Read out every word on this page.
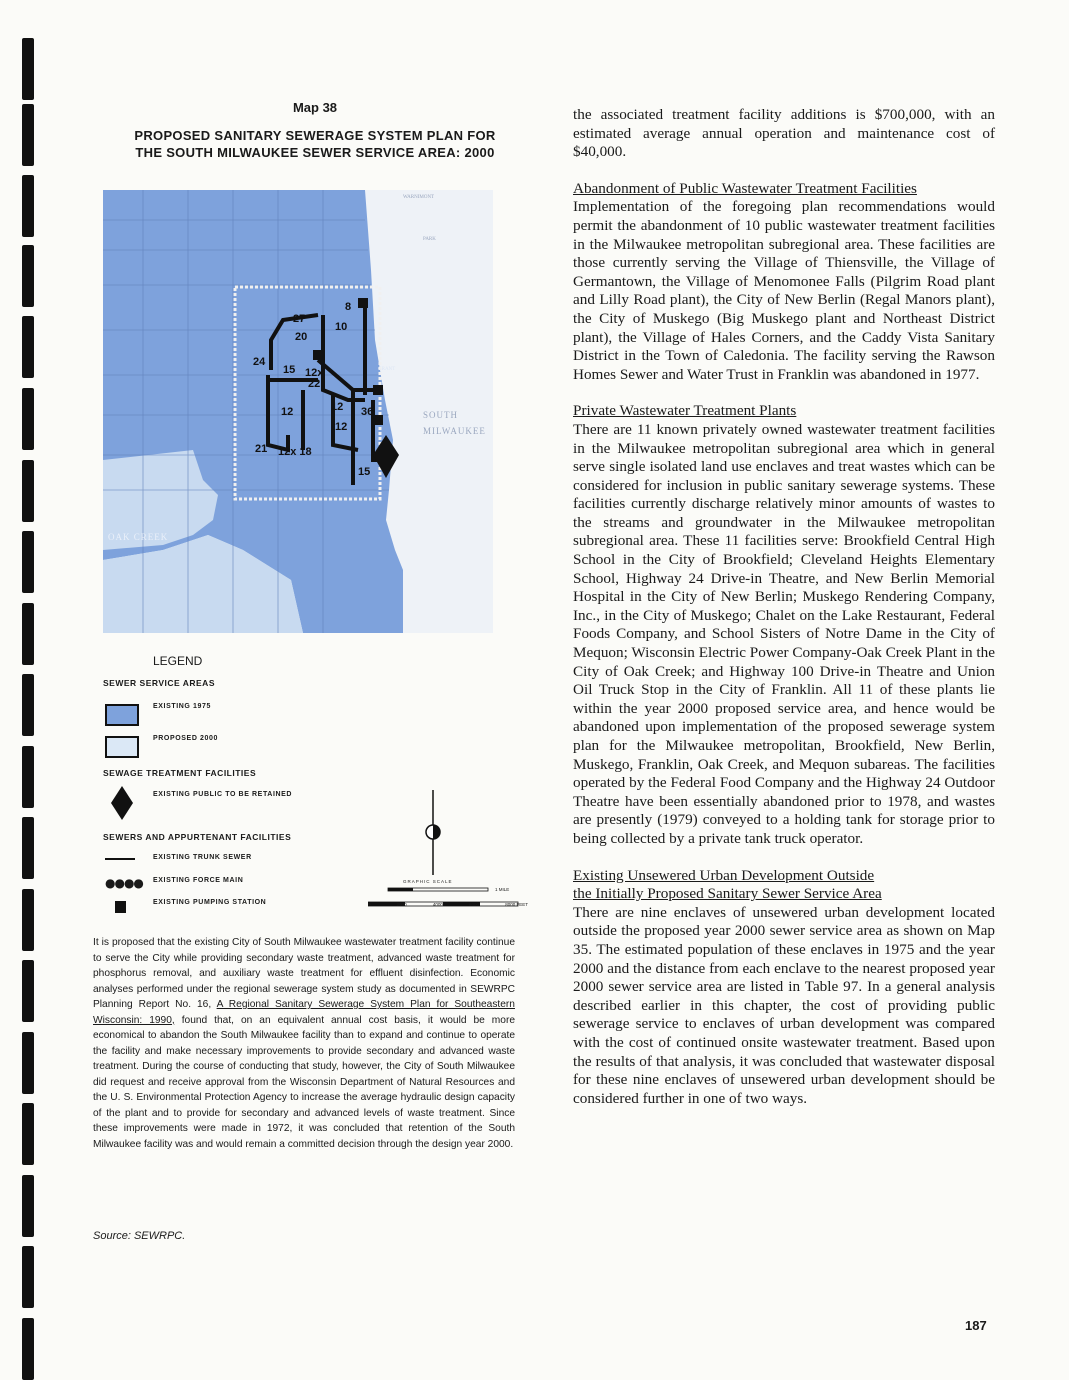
Map 38
PROPOSED SANITARY SEWERAGE SYSTEM PLAN FOR
THE SOUTH MILWAUKEE SEWER SERVICE AREA: 2000
27
20
15
24
22
12x
12
21 12x 18
12
10
8
12
15
36	SOUTH
MILWAUKEE
OAK CREEK
WARNIMONT
PARK
GRANT
LEGEND
SEWER SERVICE AREAS
EXISTING 1975
PROPOSED 2000
SEWAGE TREATMENT FACILITIES
EXISTING PUBLIC TO BE RETAINED
SEWERS AND APPURTENANT FACILITIES
EXISTING TRUNK SEWER
●●●● EXISTING FORCE MAIN
EXISTING PUMPING STATION
GRAPHIC SCALE
1 MILE
0	2000	4000	6000	8000 FEET

It is proposed that the existing City of South Milwaukee wastewater treatment facility continue to serve the City while providing secondary waste treatment, advanced waste treatment for phosphorus removal, and auxiliary waste treatment for effluent disinfection. Economic analyses performed under the regional sewerage system study as documented in SEWRPC Planning Report No. 16, A Regional Sanitary Sewerage System Plan for Southeastern Wisconsin: 1990, found that, on an equivalent annual cost basis, it would be more economical to abandon the South Milwaukee facility than to expand and continue to operate the facility and make necessary improvements to provide secondary and advanced waste treatment. During the course of conducting that study, however, the City of South Milwaukee did request and receive approval from the Wisconsin Department of Natural Resources and the U. S. Environmental Protection Agency to increase the average hydraulic design capacity of the plant and to provide for secondary and advanced levels of waste treatment. Since these improvements were made in 1972, it was concluded that retention of the South Milwaukee facility was and would remain a committed decision through the design year 2000.

Source: SEWRPC.

the associated treatment facility additions is $700,000, with an estimated average annual operation and maintenance cost of $40,000.

Abandonment of Public Wastewater Treatment Facilities

Implementation of the foregoing plan recommendations would permit the abandonment of 10 public wastewater treatment facilities in the Milwaukee metropolitan subregional area. These facilities are those currently serving the Village of Thiensville, the Village of Germantown, the Village of Menomonee Falls (Pilgrim Road plant and Lilly Road plant), the City of New Berlin (Regal Manors plant), the City of Muskego (Big Muskego plant and Northeast District plant), the Village of Hales Corners, and the Caddy Vista Sanitary District in the Town of Caledonia. The facility serving the Rawson Homes Sewer and Water Trust in Franklin was abandoned in 1977.

Private Wastewater Treatment Plants

There are 11 known privately owned wastewater treatment facilities in the Milwaukee metropolitan subregional area which in general serve single isolated land use enclaves and treat wastes which can be considered for inclusion in public sanitary sewerage systems. These facilities currently discharge relatively minor amounts of wastes to the streams and groundwater in the Milwaukee metropolitan subregional area. These 11 facilities serve: Brookfield Central High School in the City of Brookfield; Cleveland Heights Elementary School, Highway 24 Drive-in Theatre, and New Berlin Memorial Hospital in the City of New Berlin; Muskego Rendering Company, Inc., in the City of Muskego; Chalet on the Lake Restaurant, Federal Foods Company, and School Sisters of Notre Dame in the City of Mequon; Wisconsin Electric Power Company-Oak Creek Plant in the City of Oak Creek; and Highway 100 Drive-in Theatre and Union Oil Truck Stop in the City of Franklin. All 11 of these plants lie within the year 2000 proposed service area, and hence would be abandoned upon implementation of the proposed sewerage system plan for the Milwaukee metropolitan, Brookfield, New Berlin, Muskego, Franklin, Oak Creek, and Mequon subareas. The facilities operated by the Federal Food Company and the Highway 24 Outdoor Theatre have been essentially abandoned prior to 1978, and wastes are presently (1979) conveyed to a holding tank for storage prior to being collected by a private tank truck operator.

Existing Unsewered Urban Development Outside
the Initially Proposed Sanitary Sewer Service Area

There are nine enclaves of unsewered urban development located outside the proposed year 2000 sewer service area as shown on Map 35. The estimated population of these enclaves in 1975 and the year 2000 and the distance from each enclave to the nearest proposed year 2000 sewer service area are listed in Table 97. In a general analysis described earlier in this chapter, the cost of providing public sewerage service to enclaves of urban development was compared with the cost of continued onsite wastewater treatment. Based upon the results of that analysis, it was concluded that wastewater disposal for these nine enclaves of unsewered urban development should be considered further in one of two ways.

187
